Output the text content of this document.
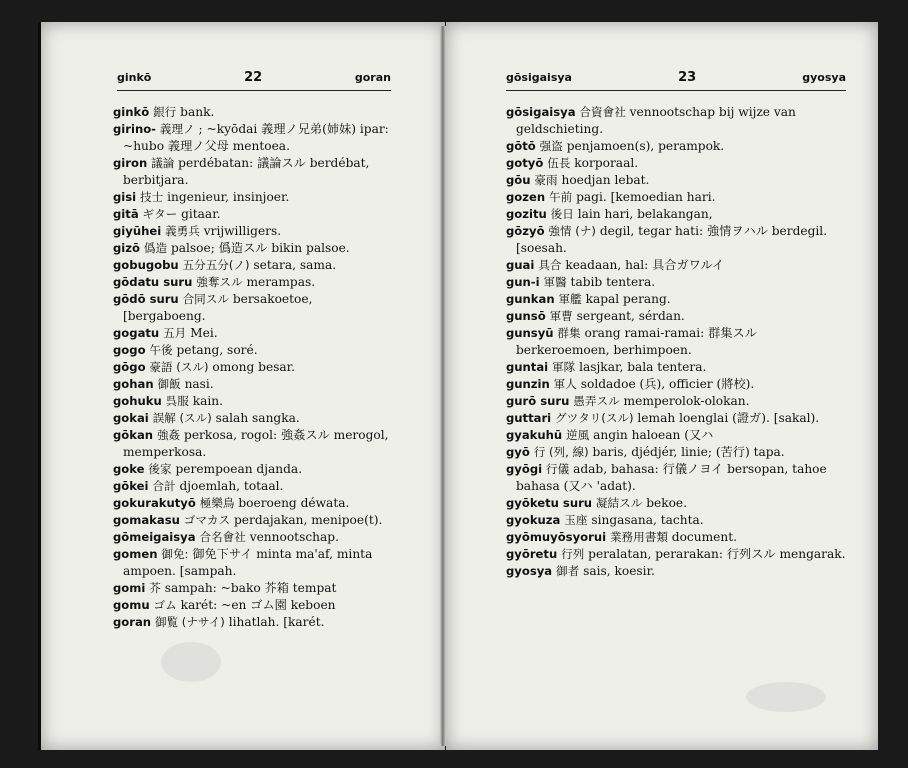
ginkō	22	goran

ginkō 銀行 bank.

girino- 義理ノ ; ~kyōdai 義理ノ兄弟(姉妹) ipar: ~hubo 義理ノ父母 mentoea.

giron 議論 perdébatan: 議論スル berdébat, berbitjara.

gisi 技士 ingenieur, insinjoer.

gitā ギター gitaar.

giyūhei 義勇兵 vrijwilligers.

gizō 僞造 palsoe; 僞造スル bikin palsoe.

gobugobu 五分五分(ノ) setara, sama.

gōdatu suru 強奪スル merampas.

gōdō suru 合同スル bersakoetoe, [bergaboeng.

gogatu 五月 Mei.

gogo 午後 petang, soré.

gōgo 豪語 (スル) omong besar.

gohan 御飯 nasi.

gohuku 呉服 kain.

gokai 誤解 (スル) salah sangka.

gōkan 強姦 perkosa, rogol: 強姦スル merogol, memperkosa.

goke 後家 perempoean djanda.

gōkei 合計 djoemlah, totaal.

gokurakutyō 極樂鳥 boeroeng déwata.

gomakasu ゴマカス perdajakan, menipoe(t).

gōmeigaisya 合名會社 vennootschap.

gomen 御免: 御免下サイ minta ma'af, minta ampoen. [sampah.

gomi 芥 sampah: ~bako 芥箱 tempat

gomu ゴム karét: ~en ゴム園 keboen

goran 御覧 (ナサイ) lihatlah. [karét.

gōsigaisya	23	gyosya

gōsigaisya 合資會社 vennootschap bij wijze van geldschieting.

gōtō 强盗 penjamoen(s), perampok.

gotyō 伍長 korporaal.

gōu 豪雨 hoedjan lebat.

gozen 午前 pagi. [kemoedian hari.

gozitu 後日 lain hari, belakangan,

gōzyō 強情 (ナ) degil, tegar hati: 強情ヲハル berdegil. [soesah.

guai 具合 keadaan, hal: 具合ガワルイ

gun-i 軍醫 tabib tentera.

gunkan 軍艦 kapal perang.

gunsō 軍曹 sergeant, sérdan.

gunsyū 群集 orang ramai-ramai: 群集スル berkeroemoen, berhimpoen.

guntai 軍隊 lasjkar, bala tentera.

gunzin 軍人 soldadoe (兵), officier (將校).

gurō suru 愚弄スル memperolok-olokan.

guttari グツタリ(スル) lemah loenglai (證ガ). [sakal).

gyakuhū 逆風 angin haloean (又ハ

gyō 行 (列, 線) baris, djédjér, linie; (苦行) tapa.

gyōgi 行儀 adab, bahasa: 行儀ノヨイ bersopan, tahoe bahasa (又ハ 'adat).

gyōketu suru 凝結スル bekoe.

gyokuza 玉座 singasana, tachta.

gyōmuyōsyorui 業務用書類 document.

gyōretu 行列 peralatan, perarakan: 行列スル mengarak.

gyosya 御者 sais, koesir.
